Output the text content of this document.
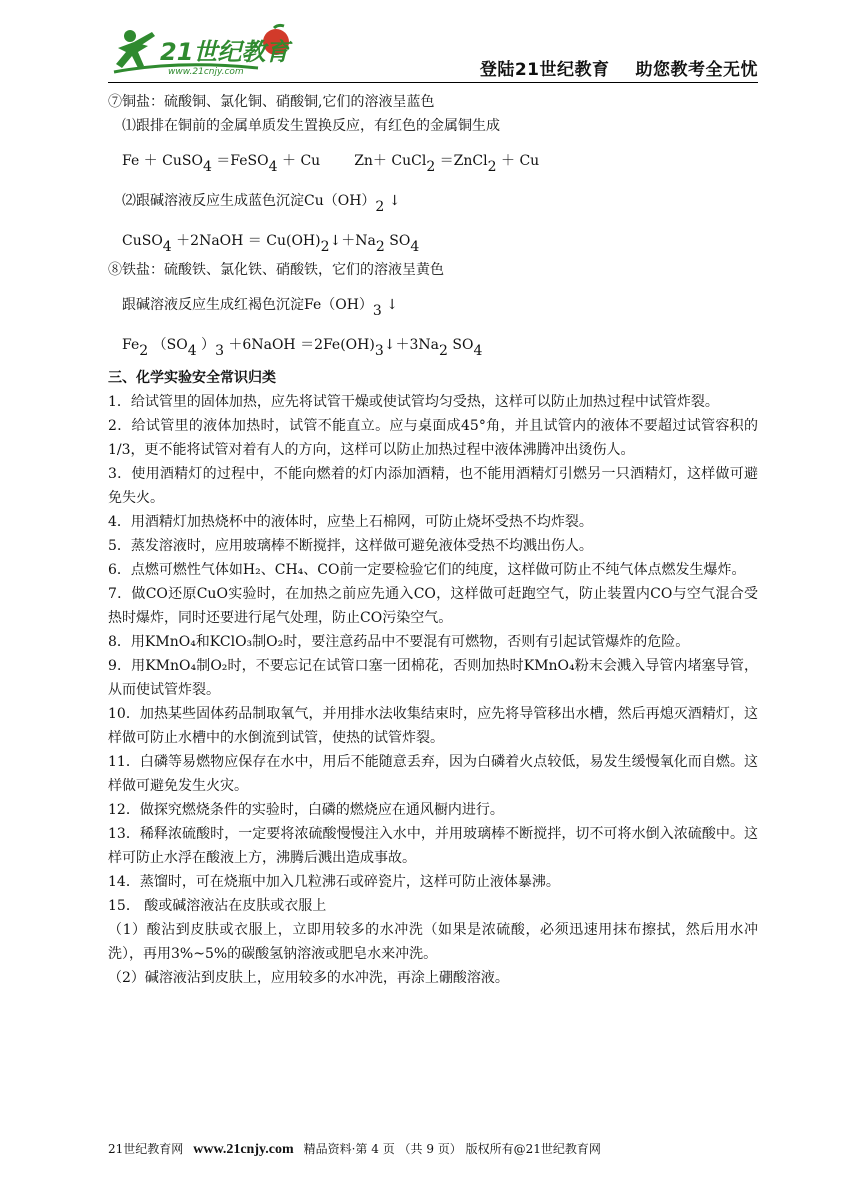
21世纪教育
www.21cnjy.com	登陆21世纪教育 助您教考全无忧
⑦铜盐：硫酸铜、氯化铜、硝酸铜,它们的溶液呈蓝色
⑴跟排在铜前的金属单质发生置换反应，有红色的金属铜生成
Fe ＋ CuSO$_4$ ＝FeSO$_4$ ＋ Cu Zn＋ CuCl$_2$ ＝ZnCl$_2$ ＋ Cu
⑵跟碱溶液反应生成蓝色沉淀$Cu(OH)_2$ ↓
CuSO$_4$ ＋2NaOH ＝ $Cu(OH)_2↓+Na_2$ $SO_4$
⑧铁盐：硫酸铁、氯化铁、硝酸铁，它们的溶液呈黄色
跟碱溶液反应生成红褐色沉淀$Fe(OH)_3$ ↓
$Fe_2$ （$SO_4$ ）$_3$ ＋6NaOH $=2Fe(OH)_3↓+3Na_2$ $SO_4$
三、化学实验安全常识归类
1．给试管里的固体加热，应先将试管干燥或使试管均匀受热，这样可以防止加热过程中试管炸裂。
2．给试管里的液体加热时，试管不能直立。应与桌面成45°角，并且试管内的液体不要超过试管容积的1/3，更不能将试管对着有人的方向，这样可以防止加热过程中液体沸腾冲出烫伤人。
3．使用酒精灯的过程中，不能向燃着的灯内添加酒精，也不能用酒精灯引燃另一只酒精灯，这样做可避免失火。
4．用酒精灯加热烧杯中的液体时，应垫上石棉网，可防止烧坏受热不均炸裂。
5．蒸发溶液时，应用玻璃棒不断搅拌，这样做可避免液体受热不均溅出伤人。
6．点燃可燃性气体如H₂、CH₄、CO前一定要检验它们的纯度，这样做可防止不纯气体点燃发生爆炸。
7．做CO还原CuO实验时，在加热之前应先通入CO，这样做可赶跑空气，防止装置内CO与空气混合受热时爆炸，同时还要进行尾气处理，防止CO污染空气。
8．用KMnO₄和KClO₃制O₂时，要注意药品中不要混有可燃物，否则有引起试管爆炸的危险。
9．用KMnO₄制O₂时，不要忘记在试管口塞一团棉花，否则加热时KMnO₄粉末会溅入导管内堵塞导管，从而使试管炸裂。
10．加热某些固体药品制取氧气，并用排水法收集结束时，应先将导管移出水槽，然后再熄灭酒精灯，这样做可防止水槽中的水倒流到试管，使热的试管炸裂。
11．白磷等易燃物应保存在水中，用后不能随意丢弃，因为白磷着火点较低，易发生缓慢氧化而自燃。这样做可避免发生火灾。
12．做探究燃烧条件的实验时，白磷的燃烧应在通风橱内进行。
13．稀释浓硫酸时，一定要将浓硫酸慢慢注入水中，并用玻璃棒不断搅拌，切不可将水倒入浓硫酸中。这样可防止水浮在酸液上方，沸腾后溅出造成事故。
14．蒸馏时，可在烧瓶中加入几粒沸石或碎瓷片，这样可防止液体暴沸。
15． 酸或碱溶液沾在皮肤或衣服上
（1）酸沾到皮肤或衣服上，立即用较多的水冲洗（如果是浓硫酸，必须迅速用抹布擦拭，然后用水冲洗），再用3%~5%的碳酸氢钠溶液或肥皂水来冲洗。
（2）碱溶液沾到皮肤上，应用较多的水冲洗，再涂上硼酸溶液。
21世纪教育网 www.21cnjy.com 精品资料·第 4 页 （共 9 页） 版权所有@21世纪教育网
